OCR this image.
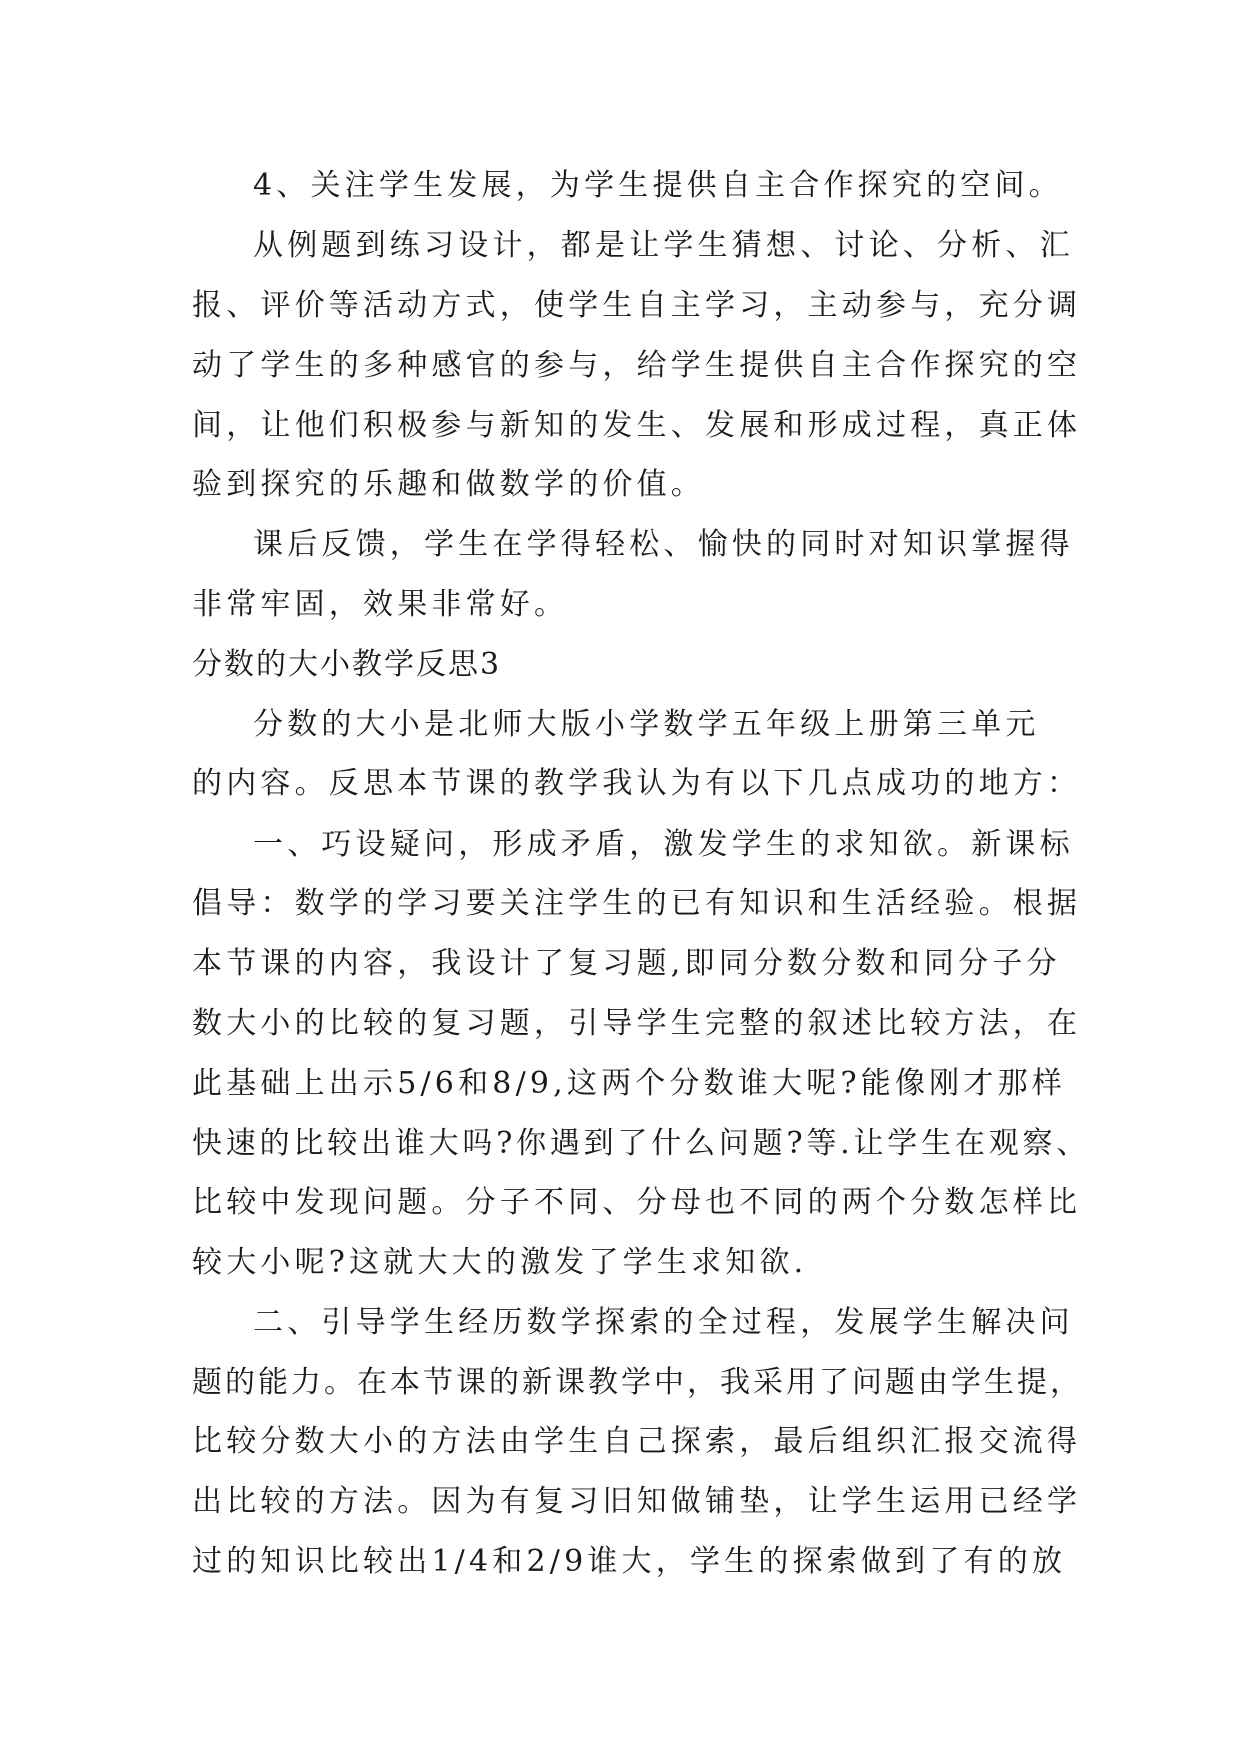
4、关注学生发展，为学生提供自主合作探究的空间。
从例题到练习设计，都是让学生猜想、讨论、分析、汇
报、评价等活动方式，使学生自主学习，主动参与，充分调
动了学生的多种感官的参与，给学生提供自主合作探究的空
间，让他们积极参与新知的发生、发展和形成过程，真正体
验到探究的乐趣和做数学的价值。
课后反馈，学生在学得轻松、愉快的同时对知识掌握得
非常牢固，效果非常好。
分数的大小教学反思3
分数的大小是北师大版小学数学五年级上册第三单元
的内容。反思本节课的教学我认为有以下几点成功的地方：
一、巧设疑问，形成矛盾，激发学生的求知欲。新课标
倡导：数学的学习要关注学生的已有知识和生活经验。根据
本节课的内容，我设计了复习题,即同分数分数和同分子分
数大小的比较的复习题，引导学生完整的叙述比较方法，在
此基础上出示5/6和8/9,这两个分数谁大呢?能像刚才那样
快速的比较出谁大吗?你遇到了什么问题?等.让学生在观察、
比较中发现问题。分子不同、分母也不同的两个分数怎样比
较大小呢?这就大大的激发了学生求知欲.
二、引导学生经历数学探索的全过程，发展学生解决问
题的能力。在本节课的新课教学中，我采用了问题由学生提，
比较分数大小的方法由学生自己探索，最后组织汇报交流得
出比较的方法。因为有复习旧知做铺垫，让学生运用已经学
过的知识比较出1/4和2/9谁大，学生的探索做到了有的放
